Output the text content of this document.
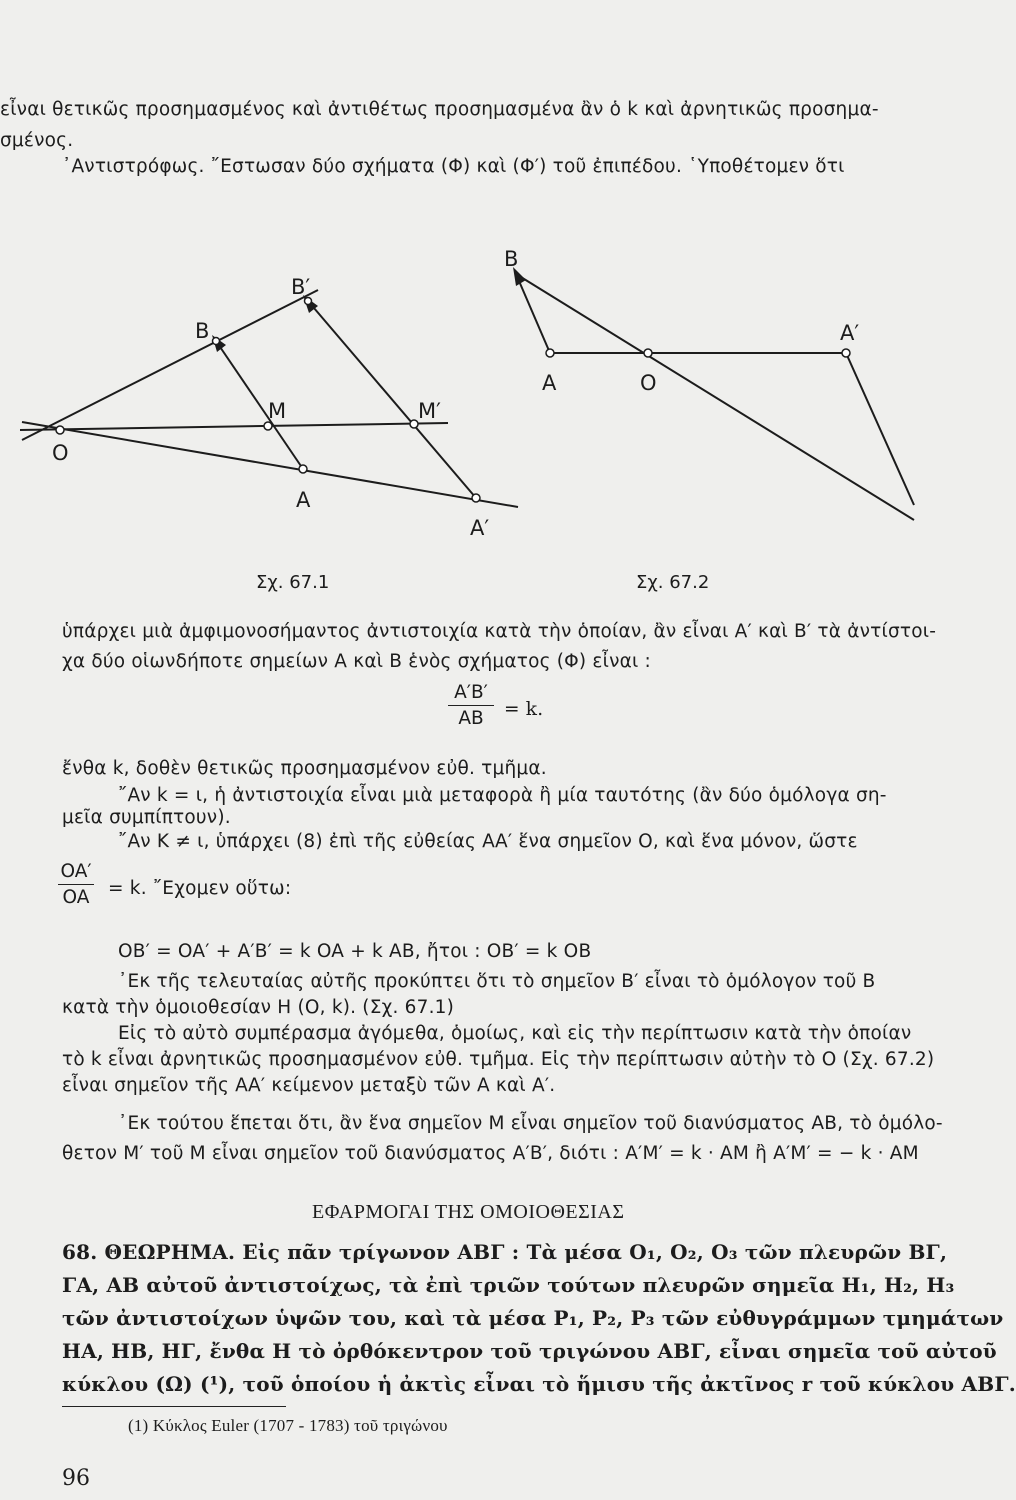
εἶναι θετικῶς προσημασμένος καὶ ἀντιθέτως προσημασμένα ἂν ὁ k καὶ ἀρνητικῶς προσημα-
σμένος.
᾽Αντιστρόφως. ῎Εστωσαν δύο σχήματα (Φ) καὶ (Φ′) τοῦ ἐπιπέδου. ῾Υποθέτομεν ὅτι
O
A
A′
B
B′
M	M′
Σχ. 67.1
B
A	O
A′
Σχ. 67.2
ὑπάρχει μιὰ ἀμφιμονοσήμαντος ἀντιστοιχία κατὰ τὴν ὁποίαν, ἂν εἶναι Α′ καὶ Β′ τὰ ἀντίστοι-
χα δύο οἱωνδήποτε σημείων Α καὶ Β ἑνὸς σχήματος (Φ) εἶναι :
A′B′
AB	= k.
ἔνθα k, δοθὲν θετικῶς προσημασμένον εὐθ. τμῆμα.
῎Αν k = ι, ἡ ἀντιστοιχία εἶναι μιὰ μεταφορὰ ἢ μία ταυτότης (ἂν δύο ὁμόλογα ση-
μεῖα συμπίπτουν).
῎Αν Κ ≠ ι, ὑπάρχει (8) ἐπὶ τῆς εὐθείας ΑΑ′ ἕνα σημεῖον Ο, καὶ ἕνα μόνον, ὥστε
OA′
OA = k. ῎Εχομεν οὕτω:
OB′ = OA′ + A′B′ = k OA + k AB, ἤτοι : OB′ = k OB
᾽Εκ τῆς τελευταίας αὐτῆς προκύπτει ὅτι τὸ σημεῖον Β′ εἶναι τὸ ὁμόλογον τοῦ Β
κατὰ τὴν ὁμοιοθεσίαν Η (Ο, k). (Σχ. 67.1)
Εἰς τὸ αὐτὸ συμπέρασμα ἀγόμεθα, ὁμοίως, καὶ εἰς τὴν περίπτωσιν κατὰ τὴν ὁποίαν
τὸ k εἶναι ἀρνητικῶς προσημασμένον εὐθ. τμῆμα. Εἰς τὴν περίπτωσιν αὐτὴν τὸ Ο (Σχ. 67.2)
εἶναι σημεῖον τῆς ΑΑ′ κείμενον μεταξὺ τῶν Α καὶ Α′.
᾽Εκ τούτου ἕπεται ὅτι, ἂν ἕνα σημεῖον Μ εἶναι σημεῖον τοῦ διανύσματος AB, τὸ ὁμόλο-
θετον Μ′ τοῦ Μ εἶναι σημεῖον τοῦ διανύσματος Α′Β′, διότι : A′M′ = k · AM ἢ A′M′ = − k · AM
ΕΦΑΡΜΟΓΑΙ ΤΗΣ ΟΜΟΙΟΘΕΣΙΑΣ
68. ΘΕΩΡΗΜΑ. Εἰς πᾶν τρίγωνον ΑΒΓ : Τὰ μέσα Ο₁, Ο₂, Ο₃ τῶν πλευρῶν ΒΓ,
ΓΑ, ΑΒ αὐτοῦ ἀντιστοίχως, τὰ ἐπὶ τριῶν τούτων πλευρῶν σημεῖα Η₁, Η₂, Η₃
τῶν ἀντιστοίχων ὑψῶν του, καὶ τὰ μέσα Ρ₁, Ρ₂, Ρ₃ τῶν εὐθυγράμμων τμημάτων
ΗΑ, ΗΒ, ΗΓ, ἔνθα Η τὸ ὀρθόκεντρον τοῦ τριγώνου ΑΒΓ, εἶναι σημεῖα τοῦ αὐτοῦ
κύκλου (Ω) (¹), τοῦ ὁποίου ἡ ἀκτὶς εἶναι τὸ ἥμισυ τῆς ἀκτῖνος r τοῦ κύκλου ΑΒΓ.
(1) Κύκλος Euler (1707 - 1783) τοῦ τριγώνου
96
